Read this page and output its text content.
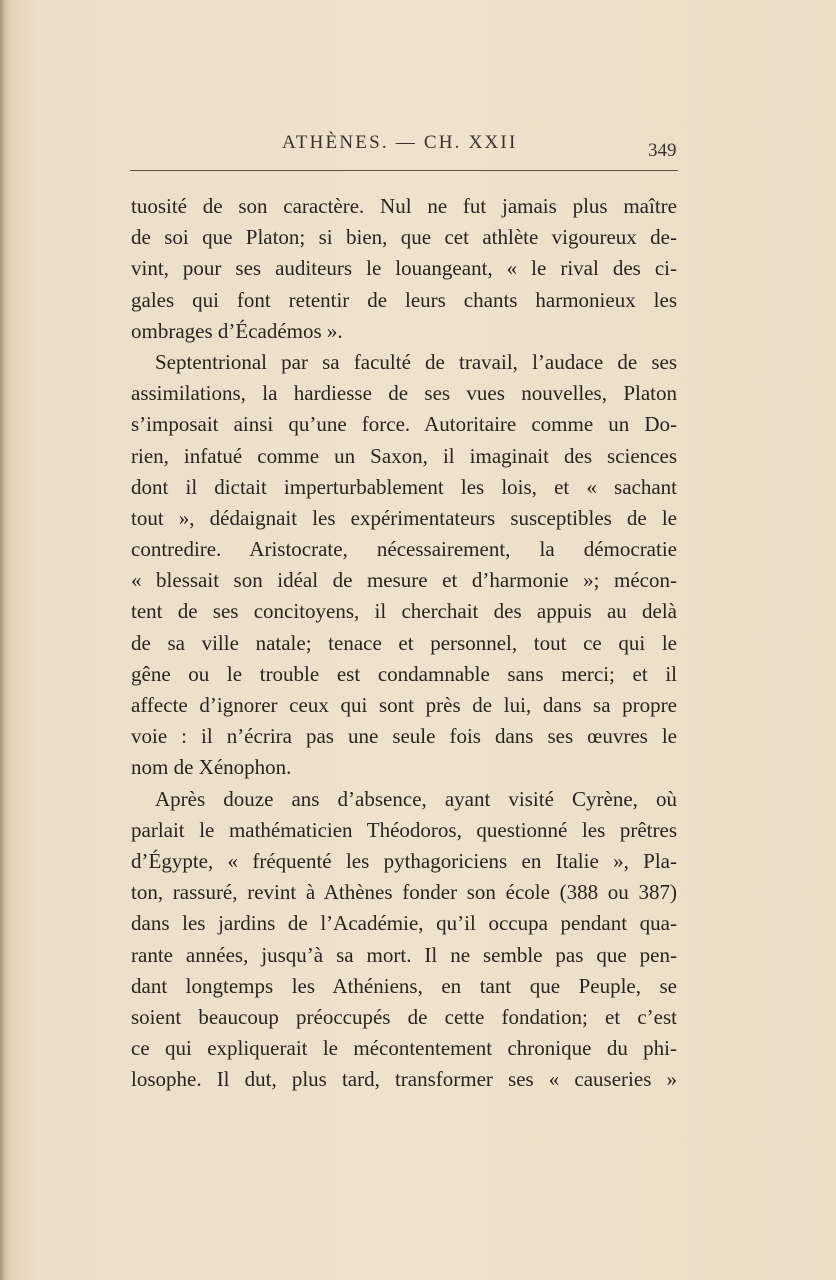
ATHÈNES. — CH. XXII	349
tuosité de son caractère. Nul ne fut jamais plus maître
de soi que Platon; si bien, que cet athlète vigoureux de-
vint, pour ses auditeurs le louangeant, « le rival des ci-
gales qui font retentir de leurs chants harmonieux les
ombrages d’Écadémos ».
Septentrional par sa faculté de travail, l’audace de ses
assimilations, la hardiesse de ses vues nouvelles, Platon
s’imposait ainsi qu’une force. Autoritaire comme un Do-
rien, infatué comme un Saxon, il imaginait des sciences
dont il dictait imperturbablement les lois, et « sachant
tout », dédaignait les expérimentateurs susceptibles de le
contredire. Aristocrate, nécessairement, la démocratie
« blessait son idéal de mesure et d’harmonie »; mécon-
tent de ses concitoyens, il cherchait des appuis au delà
de sa ville natale; tenace et personnel, tout ce qui le
gêne ou le trouble est condamnable sans merci; et il
affecte d’ignorer ceux qui sont près de lui, dans sa propre
voie : il n’écrira pas une seule fois dans ses œuvres le
nom de Xénophon.
Après douze ans d’absence, ayant visité Cyrène, où
parlait le mathématicien Théodoros, questionné les prêtres
d’Égypte, « fréquenté les pythagoriciens en Italie », Pla-
ton, rassuré, revint à Athènes fonder son école (388 ou 387)
dans les jardins de l’Académie, qu’il occupa pendant qua-
rante années, jusqu’à sa mort. Il ne semble pas que pen-
dant longtemps les Athéniens, en tant que Peuple, se
soient beaucoup préoccupés de cette fondation; et c’est
ce qui expliquerait le mécontentement chronique du phi-
losophe. Il dut, plus tard, transformer ses « causeries »
